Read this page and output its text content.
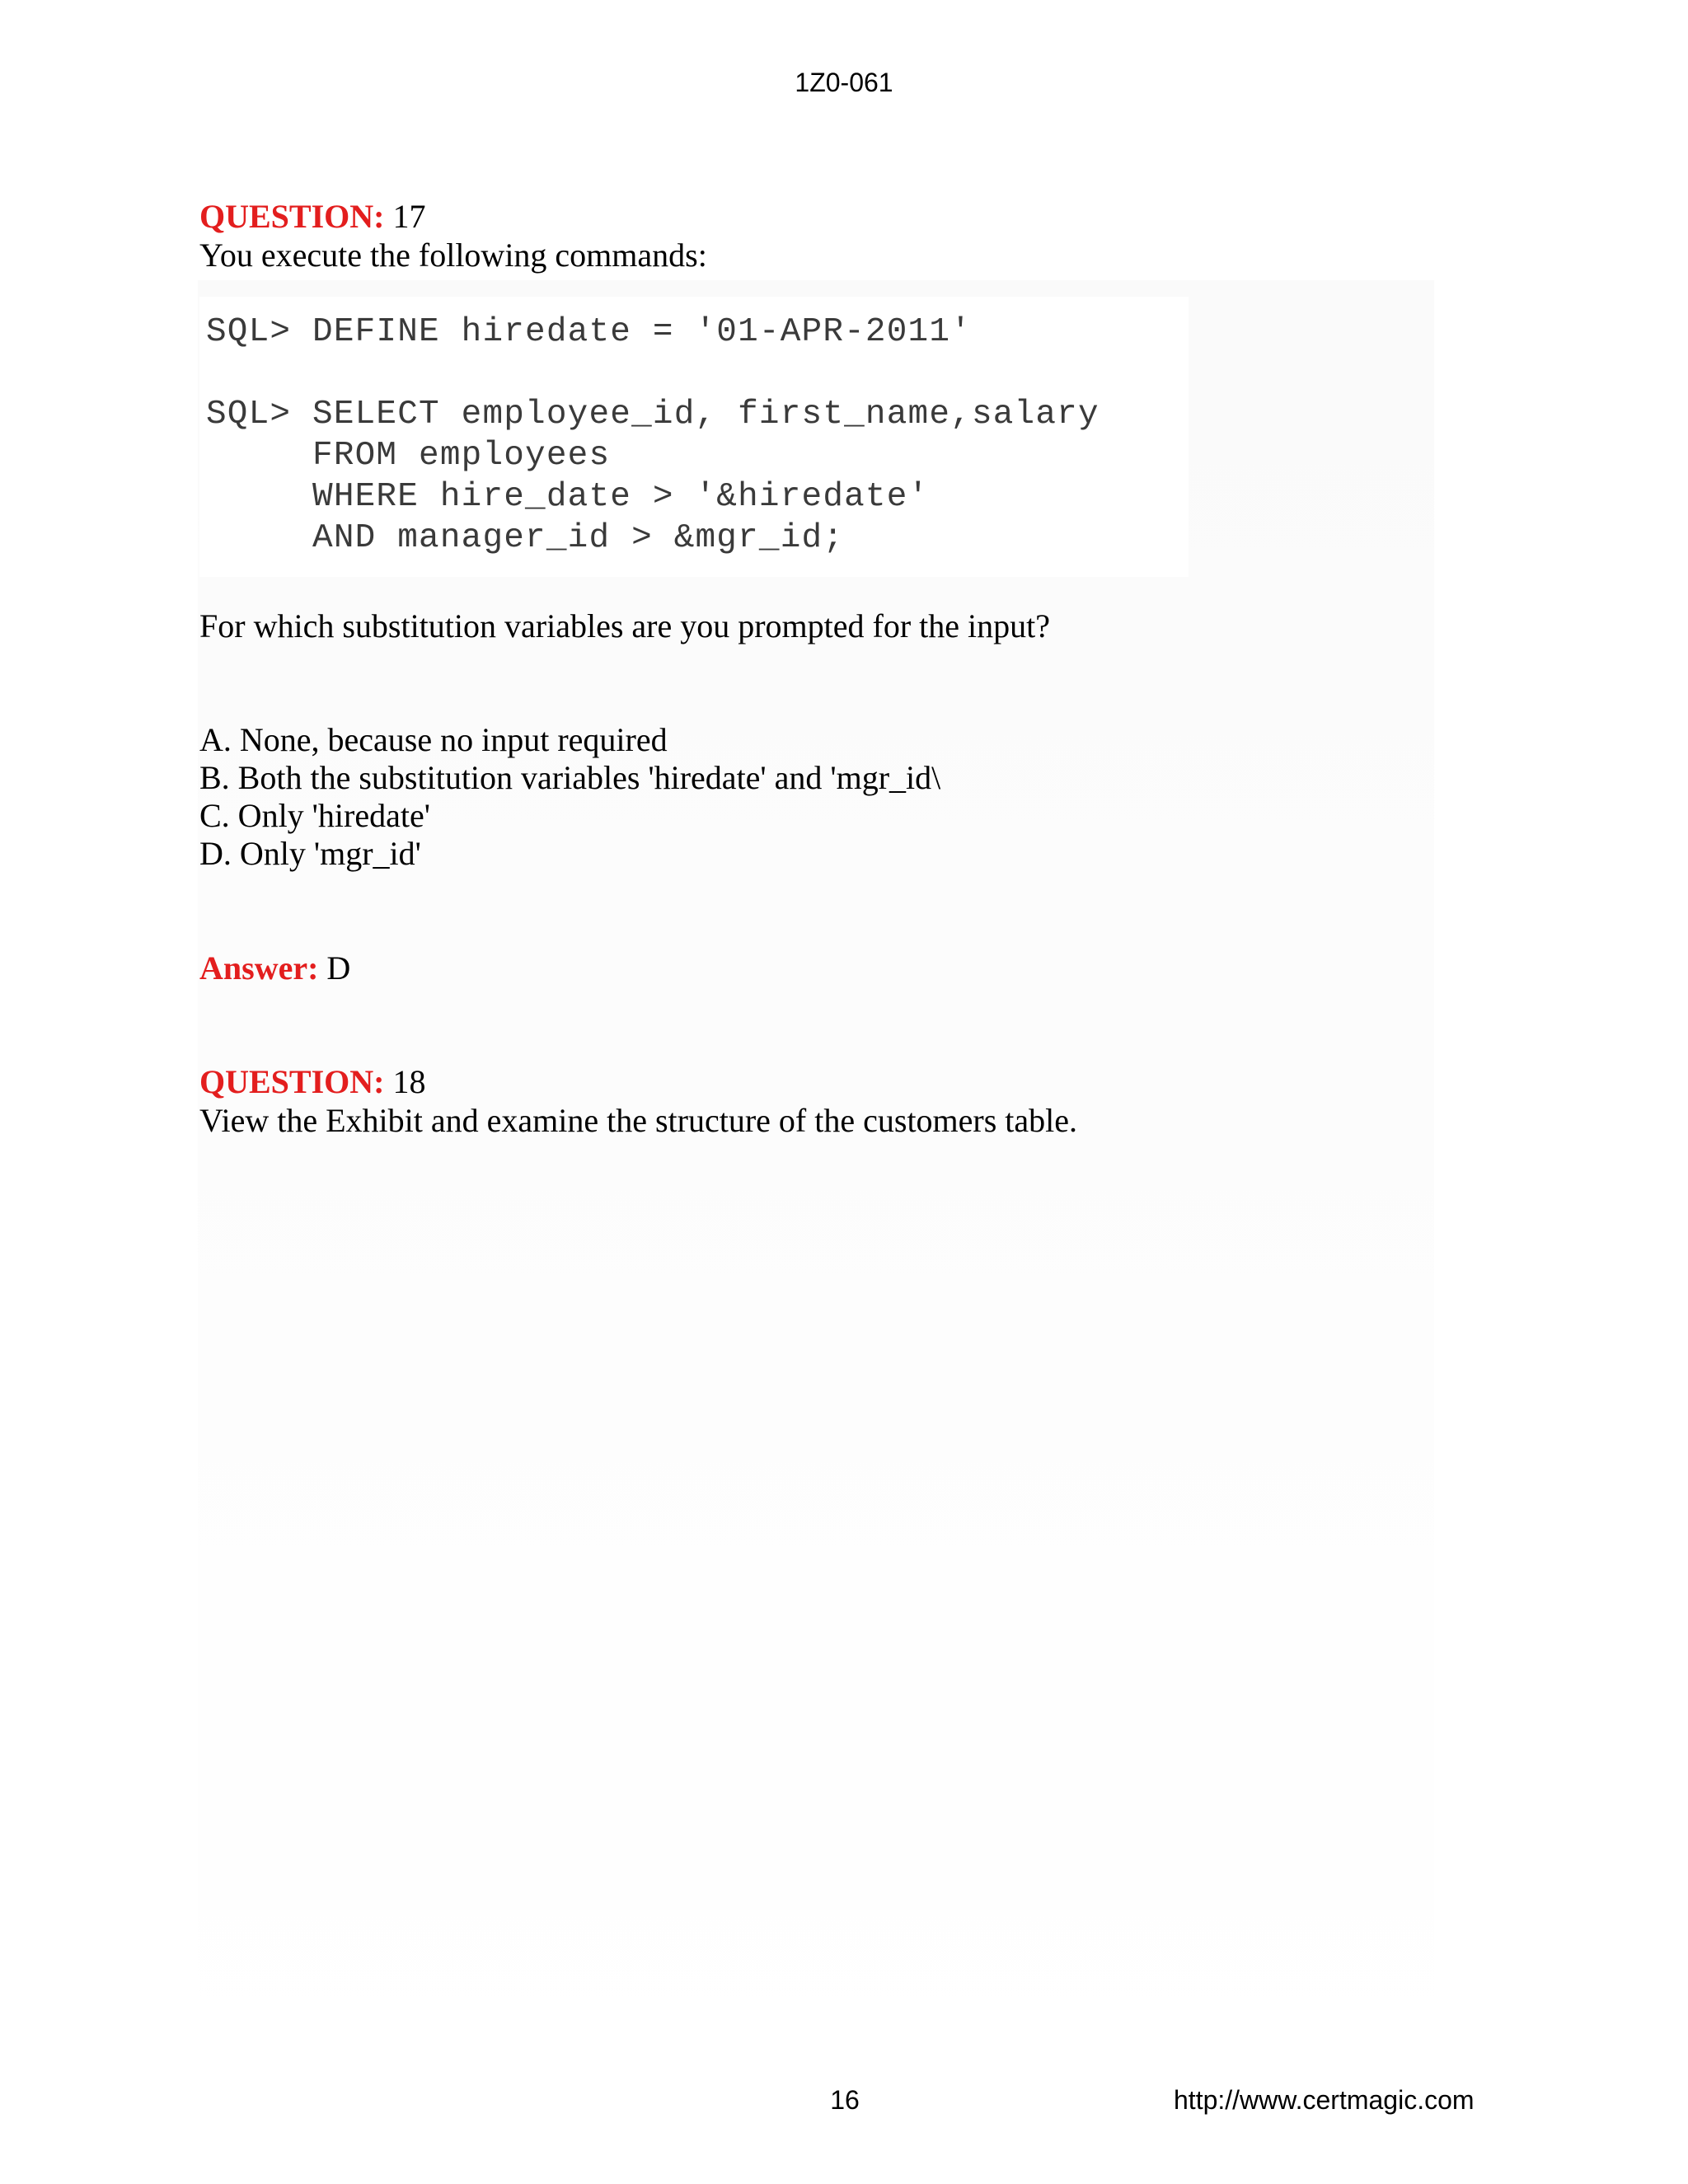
1Z0-061
QUESTION: 17
You execute the following commands:
SQL> DEFINE hiredate = '01-APR-2011'
SQL> SELECT employee_id, first_name,salary
FROM employees
WHERE hire_date > '&hiredate'
AND manager_id > &mgr_id;
For which substitution variables are you prompted for the input?
A. None, because no input required
B. Both the substitution variables 'hiredate' and 'mgr_id\
C. Only 'hiredate'
D. Only 'mgr_id'
Answer: D
QUESTION: 18
View the Exhibit and examine the structure of the customers table.
16	http://www.certmagic.com
